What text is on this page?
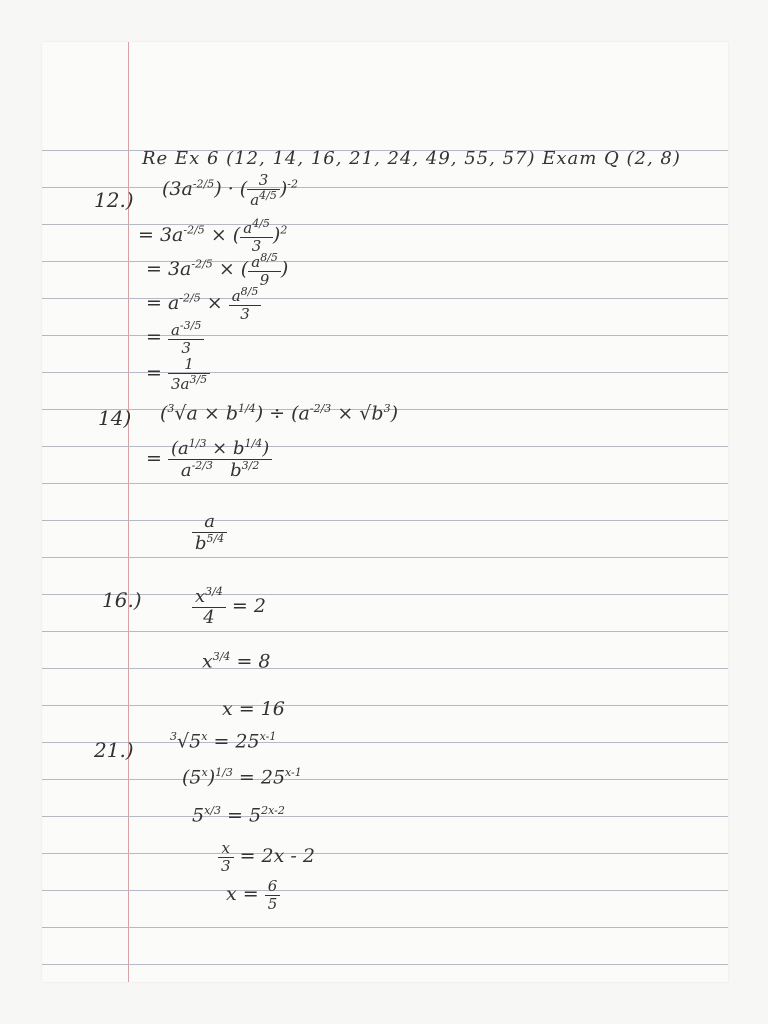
Re Ex 6 (12, 14, 16, 21, 24, 49, 55, 57) Exam Q (2, 8)
12.) $(3a^{-2/5})$ · ( $\frac{3}{a^{4/5}} )^{-2}$
= $3a^{-2/5}$ × ( $\frac{a^{4/5}}{3} )^2$
= $3a^{-2/5}$ × ( $\frac{a^{8/5}}{9}$ )
= $a^{-2/5} \times \frac{a^{8/5}}{3}$
= $\frac{a^{-3/5}}{3}$
= $\frac{1}{3a^{3/5}}$
14) $(^3√a \times b^{1/4}) \div (a^{-2/3} \times √b^3)$
= $\frac{(a^{1/3} \times b^{1/4})}{a^{-2/3} b^{3/2}}$
$\frac{a}{b^{5/4}}$
16.)	$\frac{x^{3/4}}{4} = 2$
$x^{3/4} = 8$
x = 16
21.)
$^3√5^x = 25^{x-1}$
$(5^x)^{1/3} = 25^{x-1}$
$5^{x/3} = 5^{2x-2}$
$\frac{x}{3} = 2x - 2$
$x = \frac{6}{5}$
